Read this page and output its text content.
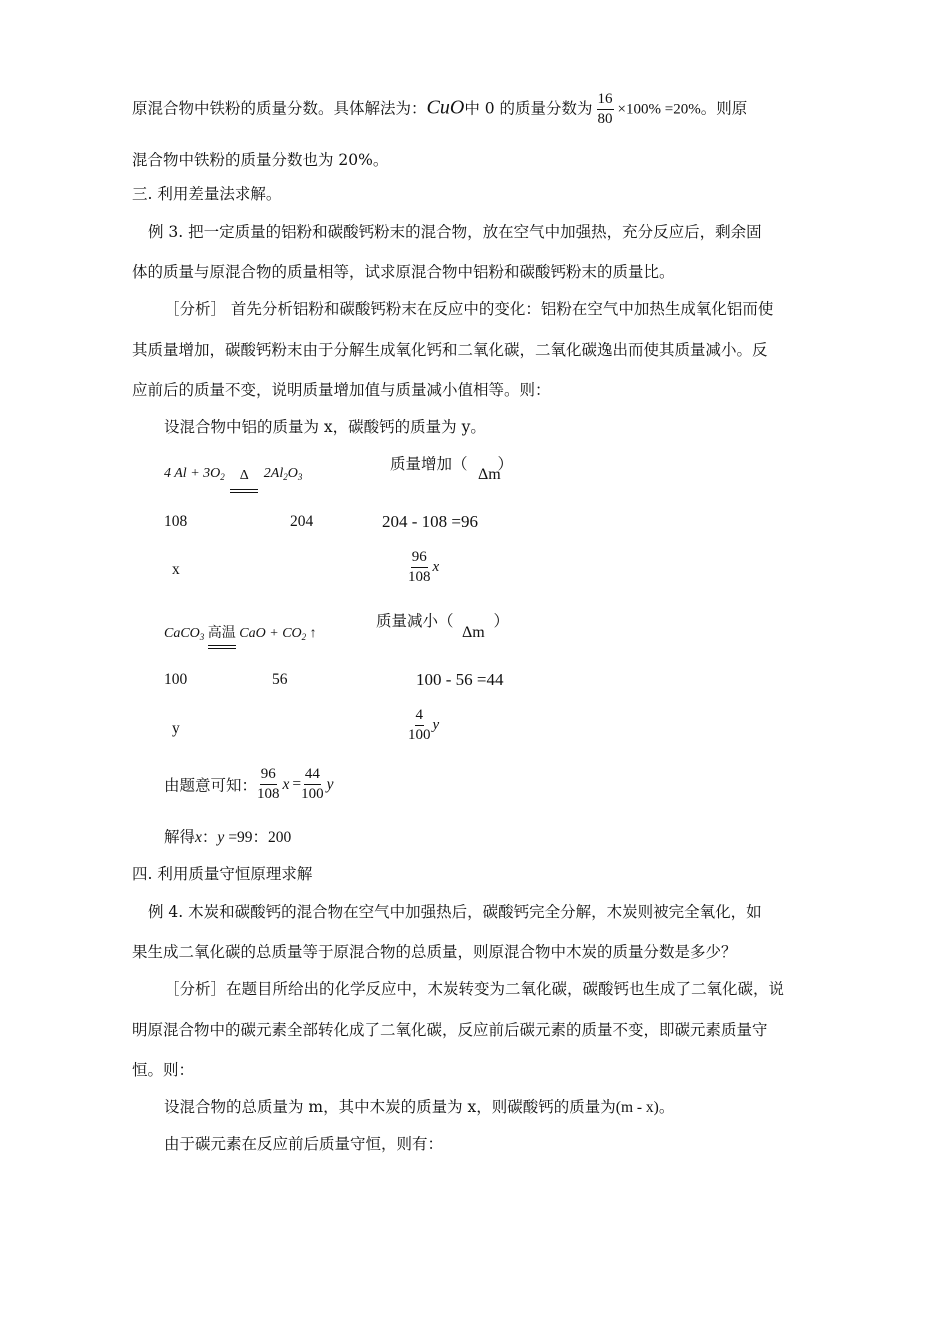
原混合物中铁粉的质量分数。具体解法为：CuO中 0 的质量分数为 $\frac{16}{80} \times 100\% =20\%$。则原
混合物中铁粉的质量分数也为 20%。
三. 利用差量法求解。
例 3. 把一定质量的铝粉和碳酸钙粉末的混合物，放在空气中加强热，充分反应后，剩余固
体的质量与原混合物的质量相等，试求原混合物中铝粉和碳酸钙粉末的质量比。
［分析］ 首先分析铝粉和碳酸钙粉末在反应中的变化：铝粉在空气中加热生成氧化铝而使
其质量增加，碳酸钙粉末由于分解生成氧化钙和二氧化碳，二氧化碳逸出而使其质量减小。反
应前后的质量不变，说明质量增加值与质量减小值相等。则：
设混合物中铝的质量为 x，碳酸钙的质量为 y。
4 $Al + 3O_2$	Δ	$2Al_2O_3$
质量增加（ ）
Δm
108	204	204 - 108 =96
x	$\frac{96}{108}$ x
CaCO$_3$ 高温 CaO + $CO_2$ ↑
质量减小（	）
Δm
100	56	100 - 56 =44
y	$\frac{4}{100}$ y
由题意可知： $\frac{96}{108}$ $x = \frac{44}{100}$ y
解得x：y =99：200
四. 利用质量守恒原理求解
例 4. 木炭和碳酸钙的混合物在空气中加强热后，碳酸钙完全分解，木炭则被完全氧化，如
果生成二氧化碳的总质量等于原混合物的总质量，则原混合物中木炭的质量分数是多少？
［分析］在题目所给出的化学反应中，木炭转变为二氧化碳，碳酸钙也生成了二氧化碳，说
明原混合物中的碳元素全部转化成了二氧化碳，反应前后碳元素的质量不变，即碳元素质量守
恒。则：
设混合物的总质量为 m，其中木炭的质量为 x，则碳酸钙的质量为(m - x)。
由于碳元素在反应前后质量守恒，则有：
